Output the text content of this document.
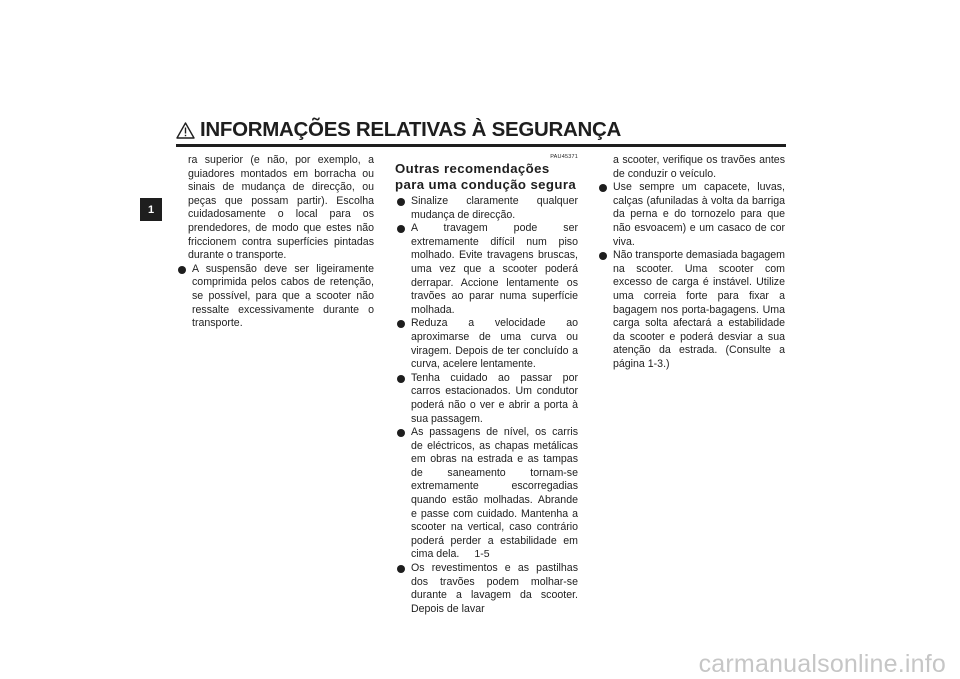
INFORMAÇÕES RELATIVAS À SEGURANÇA
1

ra superior (e não, por exemplo, a guiadores montados em borracha ou sinais de mudança de direcção, ou peças que possam partir). Escolha cuidadosamente o local para os prendedores, de modo que estes não friccionem contra superfícies pintadas durante o transporte.

A suspensão deve ser ligeiramente comprimida pelos cabos de retenção, se possível, para que a scooter não ressalte excessivamente durante o transporte.
PAU45371
Outras recomendações para uma condução segura
Sinalize claramente qualquer mudança de direcção.
A travagem pode ser extremamente difícil num piso molhado. Evite travagens bruscas, uma vez que a scooter poderá derrapar. Accione lentamente os travões ao parar numa superfície molhada.
Reduza a velocidade ao aproximarse de uma curva ou viragem. Depois de ter concluído a curva, acelere lentamente.
Tenha cuidado ao passar por carros estacionados. Um condutor poderá não o ver e abrir a porta à sua passagem.
As passagens de nível, os carris de eléctricos, as chapas metálicas em obras na estrada e as tampas de saneamento tornam-se extremamente escorregadias quando estão molhadas. Abrande e passe com cuidado. Mantenha a scooter na vertical, caso contrário poderá perder a estabilidade em cima dela.
Os revestimentos e as pastilhas dos travões podem molhar-se durante a lavagem da scooter. Depois de lavar

a scooter, verifique os travões antes de conduzir o veículo.

Use sempre um capacete, luvas, calças (afuniladas à volta da barriga da perna e do tornozelo para que não esvoacem) e um casaco de cor viva.
Não transporte demasiada bagagem na scooter. Uma scooter com excesso de carga é instável. Utilize uma correia forte para fixar a bagagem nos porta-bagagens. Uma carga solta afectará a estabilidade da scooter e poderá desviar a sua atenção da estrada. (Consulte a página 1-3.)
1-5
carmanualsonline.info
